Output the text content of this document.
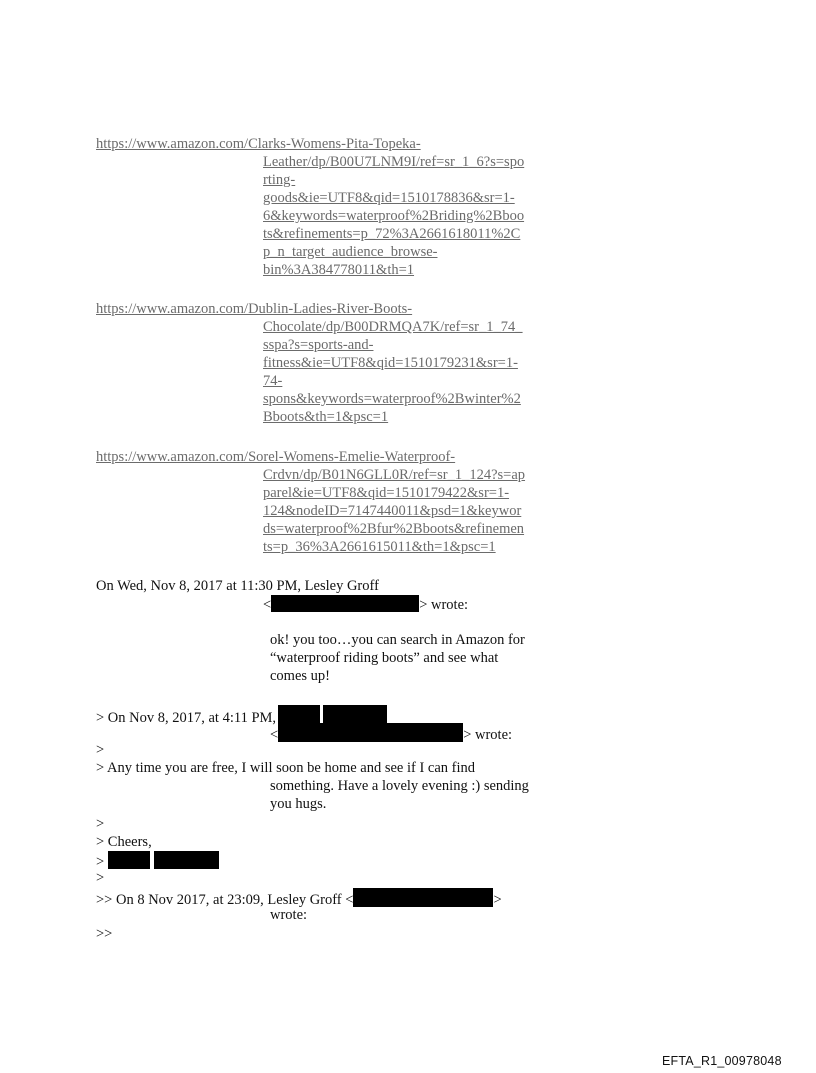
https://www.amazon.com/Clarks-Womens-Pita-Topeka-
Leather/dp/B00U7LNM9I/ref=sr_1_6?s=spo
rting-
goods&ie=UTF8&qid=1510178836&sr=1-
6&keywords=waterproof%2Briding%2Bboo
ts&refinements=p_72%3A2661618011%2C
p_n_target_audience_browse-
bin%3A384778011&th=1
https://www.amazon.com/Dublin-Ladies-River-Boots-
Chocolate/dp/B00DRMQA7K/ref=sr_1_74_
sspa?s=sports-and-
fitness&ie=UTF8&qid=1510179231&sr=1-
74-
spons&keywords=waterproof%2Bwinter%2
Bboots&th=1&psc=1
https://www.amazon.com/Sorel-Womens-Emelie-Waterproof-
Crdvn/dp/B01N6GLL0R/ref=sr_1_124?s=ap
parel&ie=UTF8&qid=1510179422&sr=1-
124&nodeID=7147440011&psd=1&keywor
ds=waterproof%2Bfur%2Bboots&refinemen
ts=p_36%3A2661615011&th=1&psc=1
On Wed, Nov 8, 2017 at 11:30 PM, Lesley Groff
<	> wrote:
ok! you too…you can search in Amazon for
“waterproof riding boots” and see what
comes up!
> On Nov 8, 2017, at 4:11 PM,
<	> wrote:
>
> Any time you are free, I will soon be home and see if I can find
something. Have a lovely evening :) sending
you hugs.
>
> Cheers,
>
>
>> On 8 Nov 2017, at 23:09, Lesley Groff <	>
wrote:
>>
EFTA_R1_00978048
